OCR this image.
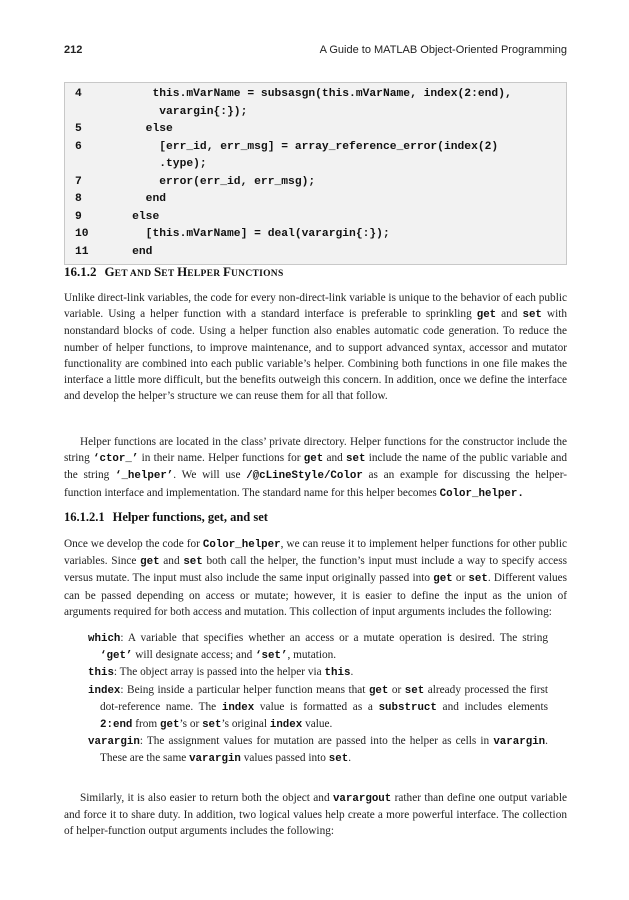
212	A Guide to MATLAB Object-Oriented Programming
4	this.mVarName = subsasgn(this.mVarName, index(2:end),
varargin{:});
5	else
6	[err_id, err_msg] = array_reference_error(index(2)
.type);
7	error(err_id, err_msg);
8	end
9	else
10	[this.mVarName] = deal(varargin{:});
11	end
16.1.2 GET AND SET HELPER FUNCTIONS

Unlike direct-link variables, the code for every non-direct-link variable is unique to the behavior of each public variable. Using a helper function with a standard interface is preferable to sprinkling get and set with nonstandard blocks of code. Using a helper function also enables automatic code generation. To reduce the number of helper functions, to improve maintenance, and to support advanced syntax, accessor and mutator functionality are combined into each public variable’s helper. Combining both functions in one file makes the interface a little more difficult, but the benefits outweigh this concern. In addition, once we define the interface and develop the helper’s structure we can reuse them for all that follow.

Helper functions are located in the class’ private directory. Helper functions for the constructor include the string ‘ctor_’ in their name. Helper functions for get and set include the name of the public variable and the string ‘_helper’. We will use /@cLineStyle/Color as an example for discussing the helper-function interface and implementation. The standard name for this helper becomes Color_helper.

16.1.2.1 Helper functions, get, and set

Once we develop the code for Color_helper, we can reuse it to implement helper functions for other public variables. Since get and set both call the helper, the function’s input must include a way to specify access versus mutate. The input must also include the same input originally passed into get or set. Different values can be passed depending on access or mutate; however, it is easier to define the input as the union of arguments required for both access and mutation. This collection of input arguments includes the following:

which: A variable that specifies whether an access or a mutate operation is desired. The string ‘get’ will designate access; and ‘set’, mutation.

this: The object array is passed into the helper via this.

index: Being inside a particular helper function means that get or set already processed the first dot-reference name. The index value is formatted as a substruct and includes elements 2:end from get’s or set’s original index value.

varargin: The assignment values for mutation are passed into the helper as cells in varargin. These are the same varargin values passed into set.

Similarly, it is also easier to return both the object and varargout rather than define one output variable and force it to share duty. In addition, two logical values help create a more powerful interface. The collection of helper-function output arguments includes the following:
